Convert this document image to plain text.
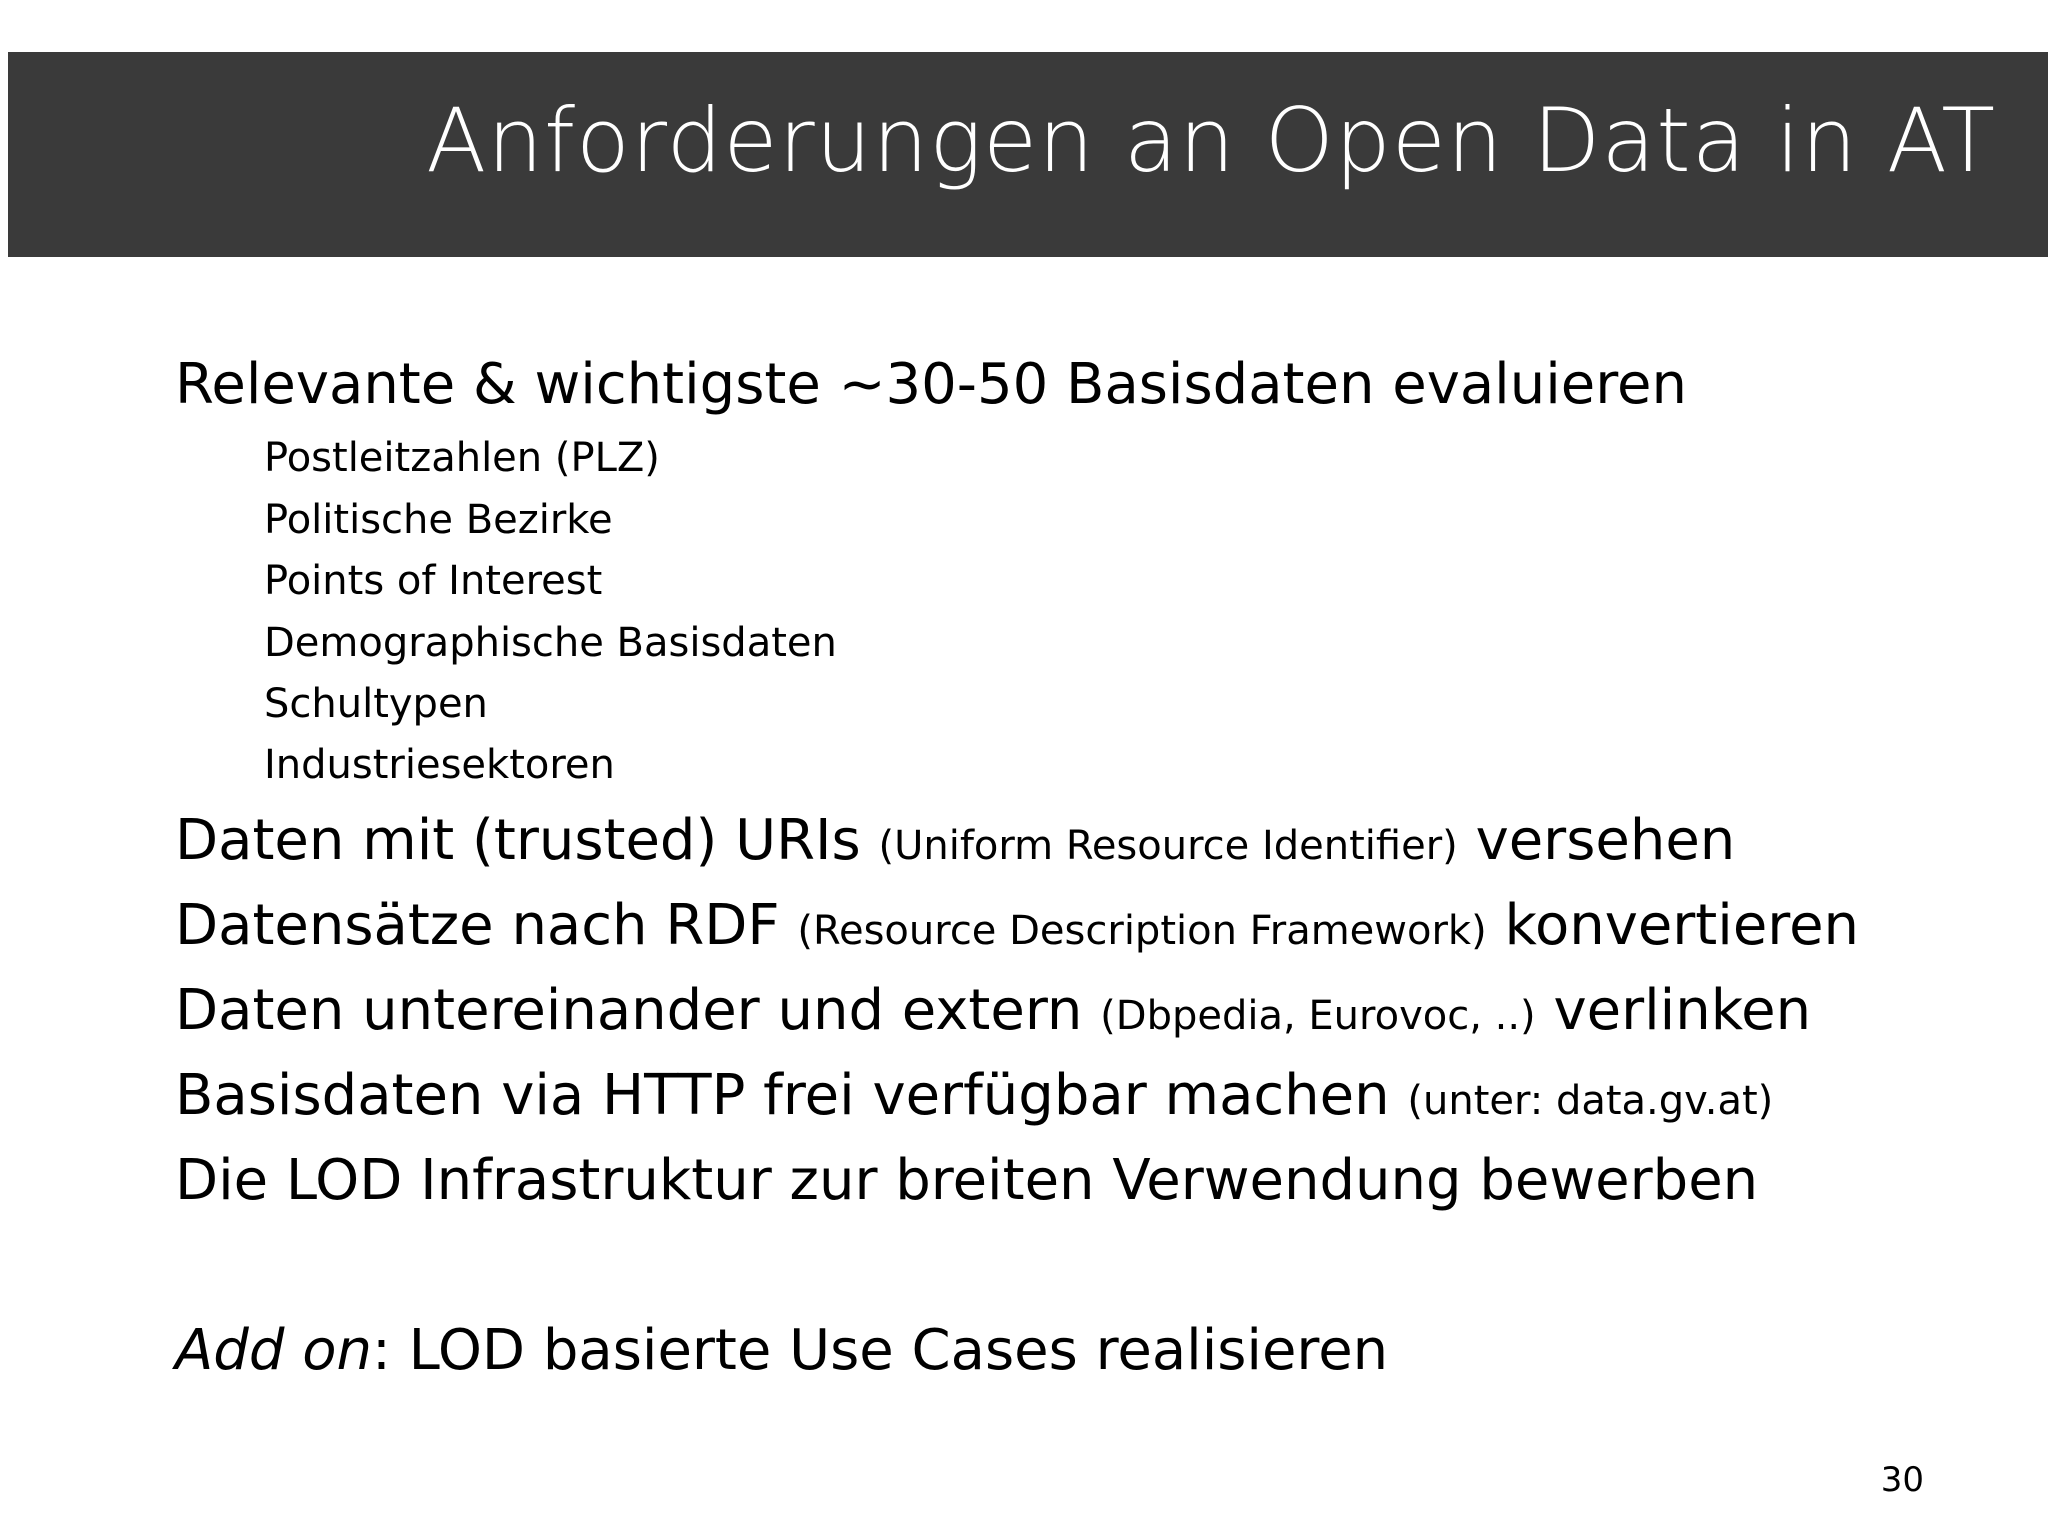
Anforderungen an Open Data in AT
Relevante & wichtigste ~30-50 Basisdaten evaluieren
Postleitzahlen (PLZ)
Politische Bezirke
Points of Interest
Demographische Basisdaten
Schultypen
Industriesektoren
Daten mit (trusted) URIs (Uniform Resource Identifier) versehen
Datensätze nach RDF (Resource Description Framework) konvertieren
Daten untereinander und extern (Dbpedia, Eurovoc, ..) verlinken
Basisdaten via HTTP frei verfügbar machen (unter: data.gv.at)
Die LOD Infrastruktur zur breiten Verwendung bewerben
Add on: LOD basierte Use Cases realisieren
30
